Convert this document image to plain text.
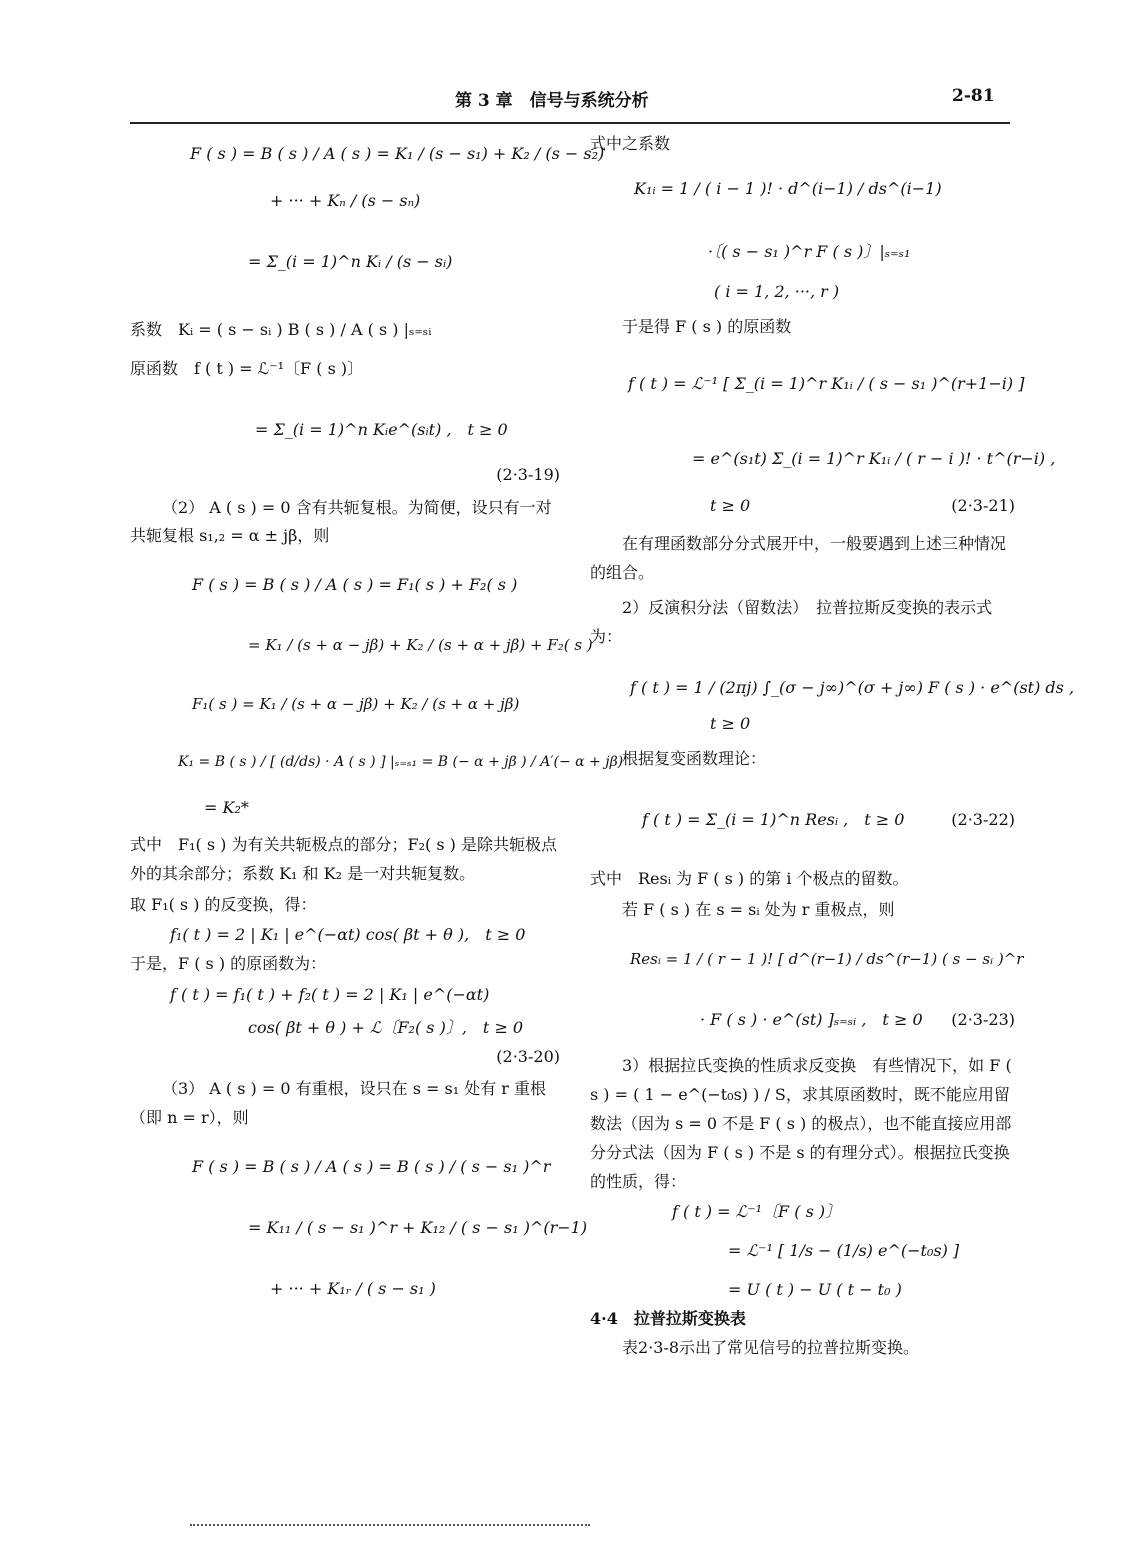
第 3 章　信号与系统分析	2-81
F ( s ) = B ( s ) / A ( s ) = K₁ / (s − s₁) + K₂ / (s − s₂)
+ ··· + Kₙ / (s − sₙ)
= Σ_(i = 1)^n Kᵢ / (s − sᵢ)
系数　Kᵢ = ( s − sᵢ ) B ( s ) / A ( s ) |ₛ₌ₛᵢ
原函数　f ( t ) = ℒ⁻¹〔F ( s )〕
= Σ_(i = 1)^n Kᵢe^(sᵢt) ,　t ≥ 0
(2·3-19)
（2） A ( s ) = 0 含有共轭复根。为简便，设只有一对共轭复根 s₁,₂ = α ± jβ，则
F ( s ) = B ( s ) / A ( s ) = F₁( s ) + F₂( s )
= K₁ / (s + α − jβ) + K₂ / (s + α + jβ) + F₂( s )
F₁( s ) = K₁ / (s + α − jβ) + K₂ / (s + α + jβ)
K₁ = B ( s ) / [ (d/ds) · A ( s ) ] |ₛ₌ₛ₁ = B (− α + jβ ) / A′(− α + jβ)
= K₂*
式中　F₁( s ) 为有关共轭极点的部分；F₂( s ) 是除共轭极点外的其余部分；系数 K₁ 和 K₂ 是一对共轭复数。
取 F₁( s ) 的反变换，得：
f₁( t ) = 2 | K₁ | e^(−αt) cos( βt + θ ),　t ≥ 0
于是，F ( s ) 的原函数为：
f ( t ) = f₁( t ) + f₂( t ) = 2 | K₁ | e^(−αt)
cos( βt + θ ) + ℒ〔F₂( s )〕,　t ≥ 0
(2·3-20)
（3） A ( s ) = 0 有重根，设只在 s = s₁ 处有 r 重根（即 n = r），则
F ( s ) = B ( s ) / A ( s ) = B ( s ) / ( s − s₁ )^r
= K₁₁ / ( s − s₁ )^r + K₁₂ / ( s − s₁ )^(r−1)
+ ··· + K₁ᵣ / ( s − s₁ )
式中之系数
K₁ᵢ = 1 / ( i − 1 )! · d^(i−1) / ds^(i−1)
·〔( s − s₁ )^r F ( s )〕|ₛ₌ₛ₁
( i = 1, 2, ···, r )
于是得 F ( s ) 的原函数
f ( t ) = ℒ⁻¹ [ Σ_(i = 1)^r K₁ᵢ / ( s − s₁ )^(r+1−i) ]
= e^(s₁t) Σ_(i = 1)^r K₁ᵢ / ( r − i )! · t^(r−i) ,
t ≥ 0	(2·3-21)
在有理函数部分分式展开中，一般要遇到上述三种情况的组合。
2）反演积分法（留数法）　拉普拉斯反变换的表示式为：
f ( t ) = 1 / (2πj) ∫_(σ − j∞)^(σ + j∞) F ( s ) · e^(st) ds ,
t ≥ 0
根据复变函数理论：
f ( t ) = Σ_(i = 1)^n Resᵢ ,　t ≥ 0	(2·3-22)
式中　Resᵢ 为 F ( s ) 的第 i 个极点的留数。
若 F ( s ) 在 s = sᵢ 处为 r 重极点，则
Resᵢ = 1 / ( r − 1 )! [ d^(r−1) / ds^(r−1) ( s − sᵢ )^r
· F ( s ) · e^(st) ]ₛ₌ₛᵢ ,　t ≥ 0 (2·3-23)
3）根据拉氏变换的性质求反变换　有些情况下，如 F ( s ) = ( 1 − e^(−t₀s) ) / S，求其原函数时，既不能应用留数法（因为 s = 0 不是 F ( s ) 的极点），也不能直接应用部分分式法（因为 F ( s ) 不是 s 的有理分式）。根据拉氏变换的性质，得：
f ( t ) = ℒ⁻¹〔F ( s )〕
= ℒ⁻¹ [ 1/s − (1/s) e^(−t₀s) ]
= U ( t ) − U ( t − t₀ )
4·4　拉普拉斯变换表
表2·3-8示出了常见信号的拉普拉斯变换。
